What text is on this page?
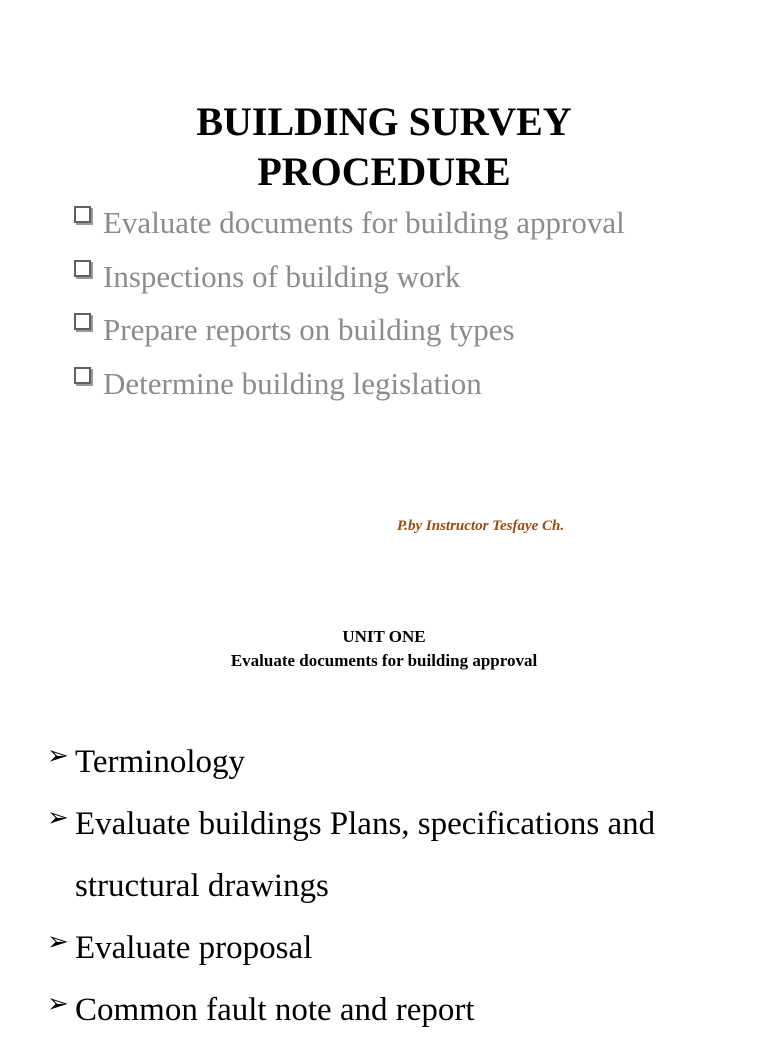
BUILDING SURVEY
PROCEDURE
Evaluate documents for building approval
Inspections of building work
Prepare reports on building types
Determine building legislation
P.by Instructor Tesfaye Ch.
UNIT ONE
Evaluate documents for building approval
➢ Terminology
➢ Evaluate buildings Plans, specifications and structural drawings
➢ Evaluate proposal
➢ Common fault note and report
